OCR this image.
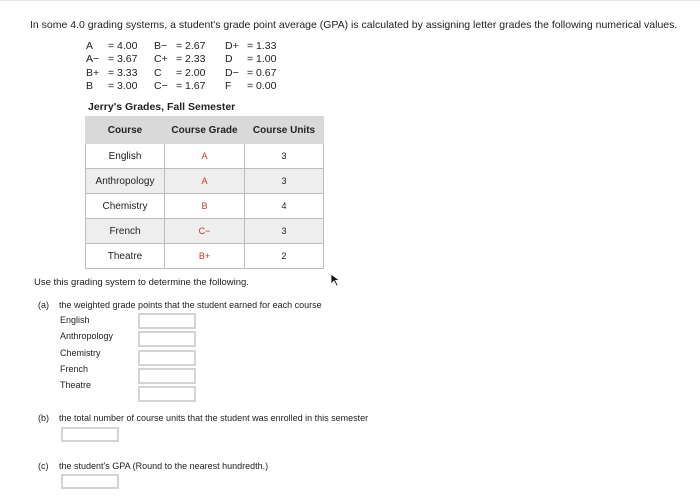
In some 4.0 grading systems, a student's grade point average (GPA) is calculated by assigning letter grades the following numerical values.
A = 4.00
A− = 3.67
B+ = 3.33
B = 3.00
B− = 2.67
C+ = 2.33
C = 2.00
C− = 1.67
D+ = 1.33
D = 1.00
D− = 0.67
F = 0.00
Jerry's Grades, Fall Semester
Course	Course Grade	Course Units
English	A	3
Anthropology	A	3
Chemistry	B	4
French	C−	3
Theatre	B+	2
Use this grading system to determine the following.
(a) the weighted grade points that the student earned for each course
English
Anthropology
Chemistry
French
Theatre
(b) the total number of course units that the student was enrolled in this semester
(c) the student's GPA (Round to the nearest hundredth.)
